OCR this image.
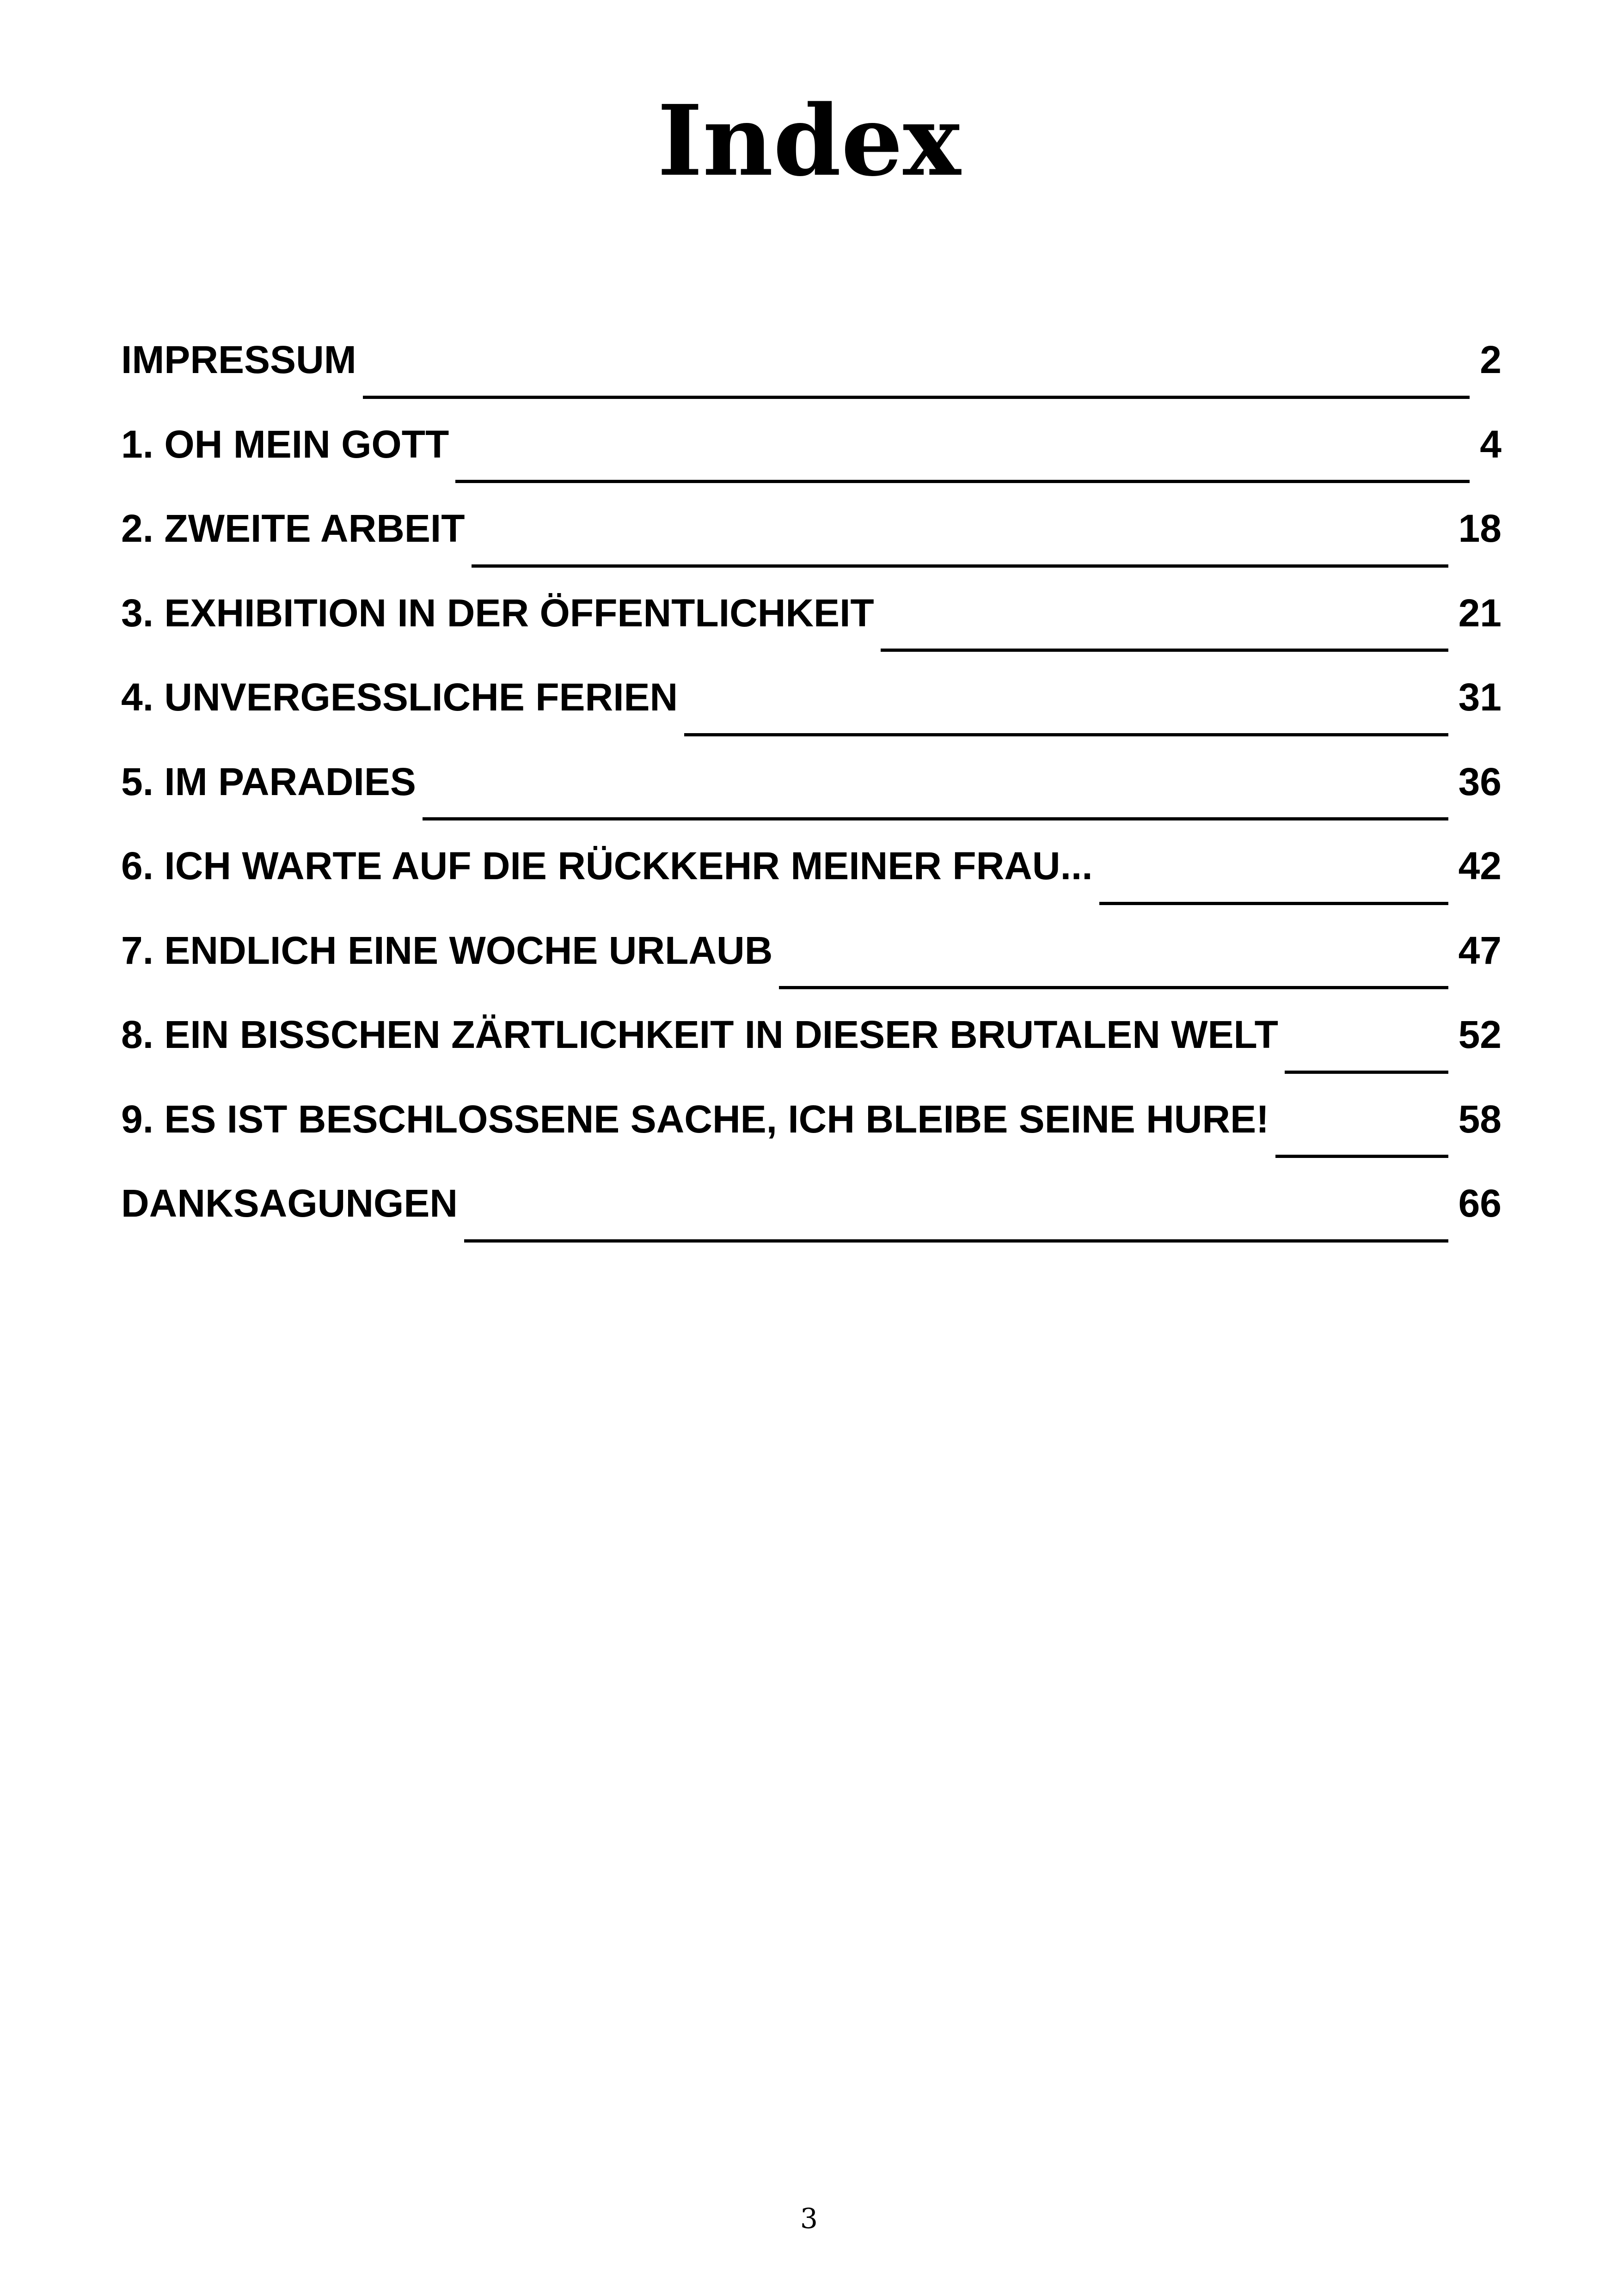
Index
IMPRESSUM	2
1. OH MEIN GOTT	4
2. ZWEITE ARBEIT	18
3. EXHIBITION IN DER ÖFFENTLICHKEIT	21
4. UNVERGESSLICHE FERIEN	31
5. IM PARADIES	36
6. ICH WARTE AUF DIE RÜCKKEHR MEINER FRAU...	42
7. ENDLICH EINE WOCHE URLAUB	47
8. EIN BISSCHEN ZÄRTLICHKEIT IN DIESER BRUTALEN WELT	52
9. ES IST BESCHLOSSENE SACHE, ICH BLEIBE SEINE HURE!	58
DANKSAGUNGEN	66
3
